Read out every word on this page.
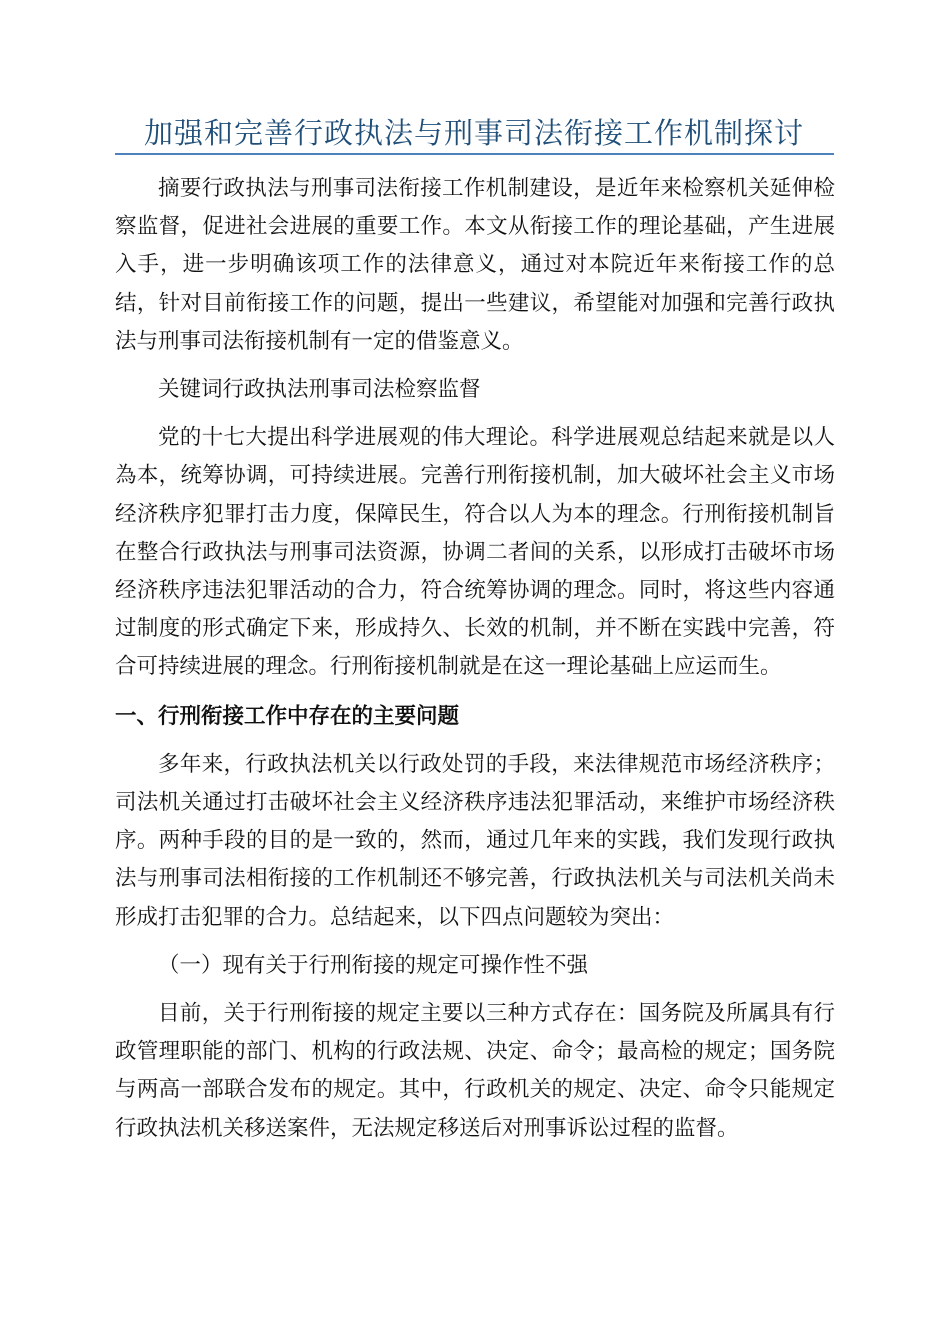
加强和完善行政执法与刑事司法衔接工作机制探讨

摘要行政执法与刑事司法衔接工作机制建设，是近年来检察机关延伸检察监督，促进社会进展的重要工作。本文从衔接工作的理论基础，产生进展入手，进一步明确该项工作的法律意义，通过对本院近年来衔接工作的总结，针对目前衔接工作的问题，提出一些建议，希望能对加强和完善行政执法与刑事司法衔接机制有一定的借鉴意义。

关键词行政执法刑事司法检察监督

党的十七大提出科学进展观的伟大理论。科学进展观总结起来就是以人為本，统筹协调，可持续进展。完善行刑衔接机制，加大破坏社会主义市场经济秩序犯罪打击力度，保障民生，符合以人为本的理念。行刑衔接机制旨在整合行政执法与刑事司法资源，协调二者间的关系，以形成打击破坏市场经济秩序违法犯罪活动的合力，符合统筹协调的理念。同时，将这些内容通过制度的形式确定下来，形成持久、长效的机制，并不断在实践中完善，符合可持续进展的理念。行刑衔接机制就是在这一理论基础上应运而生。

一、行刑衔接工作中存在的主要问题

多年来，行政执法机关以行政处罚的手段，来法律规范市场经济秩序；司法机关通过打击破坏社会主义经济秩序违法犯罪活动，来维护市场经济秩序。两种手段的目的是一致的，然而，通过几年来的实践，我们发现行政执法与刑事司法相衔接的工作机制还不够完善，行政执法机关与司法机关尚未形成打击犯罪的合力。总结起来，以下四点问题较为突出：

（一）现有关于行刑衔接的规定可操作性不强

目前，关于行刑衔接的规定主要以三种方式存在：国务院及所属具有行政管理职能的部门、机构的行政法规、决定、命令；最高检的规定；国务院与两高一部联合发布的规定。其中，行政机关的规定、决定、命令只能规定行政执法机关移送案件，无法规定移送后对刑事诉讼过程的监督。
